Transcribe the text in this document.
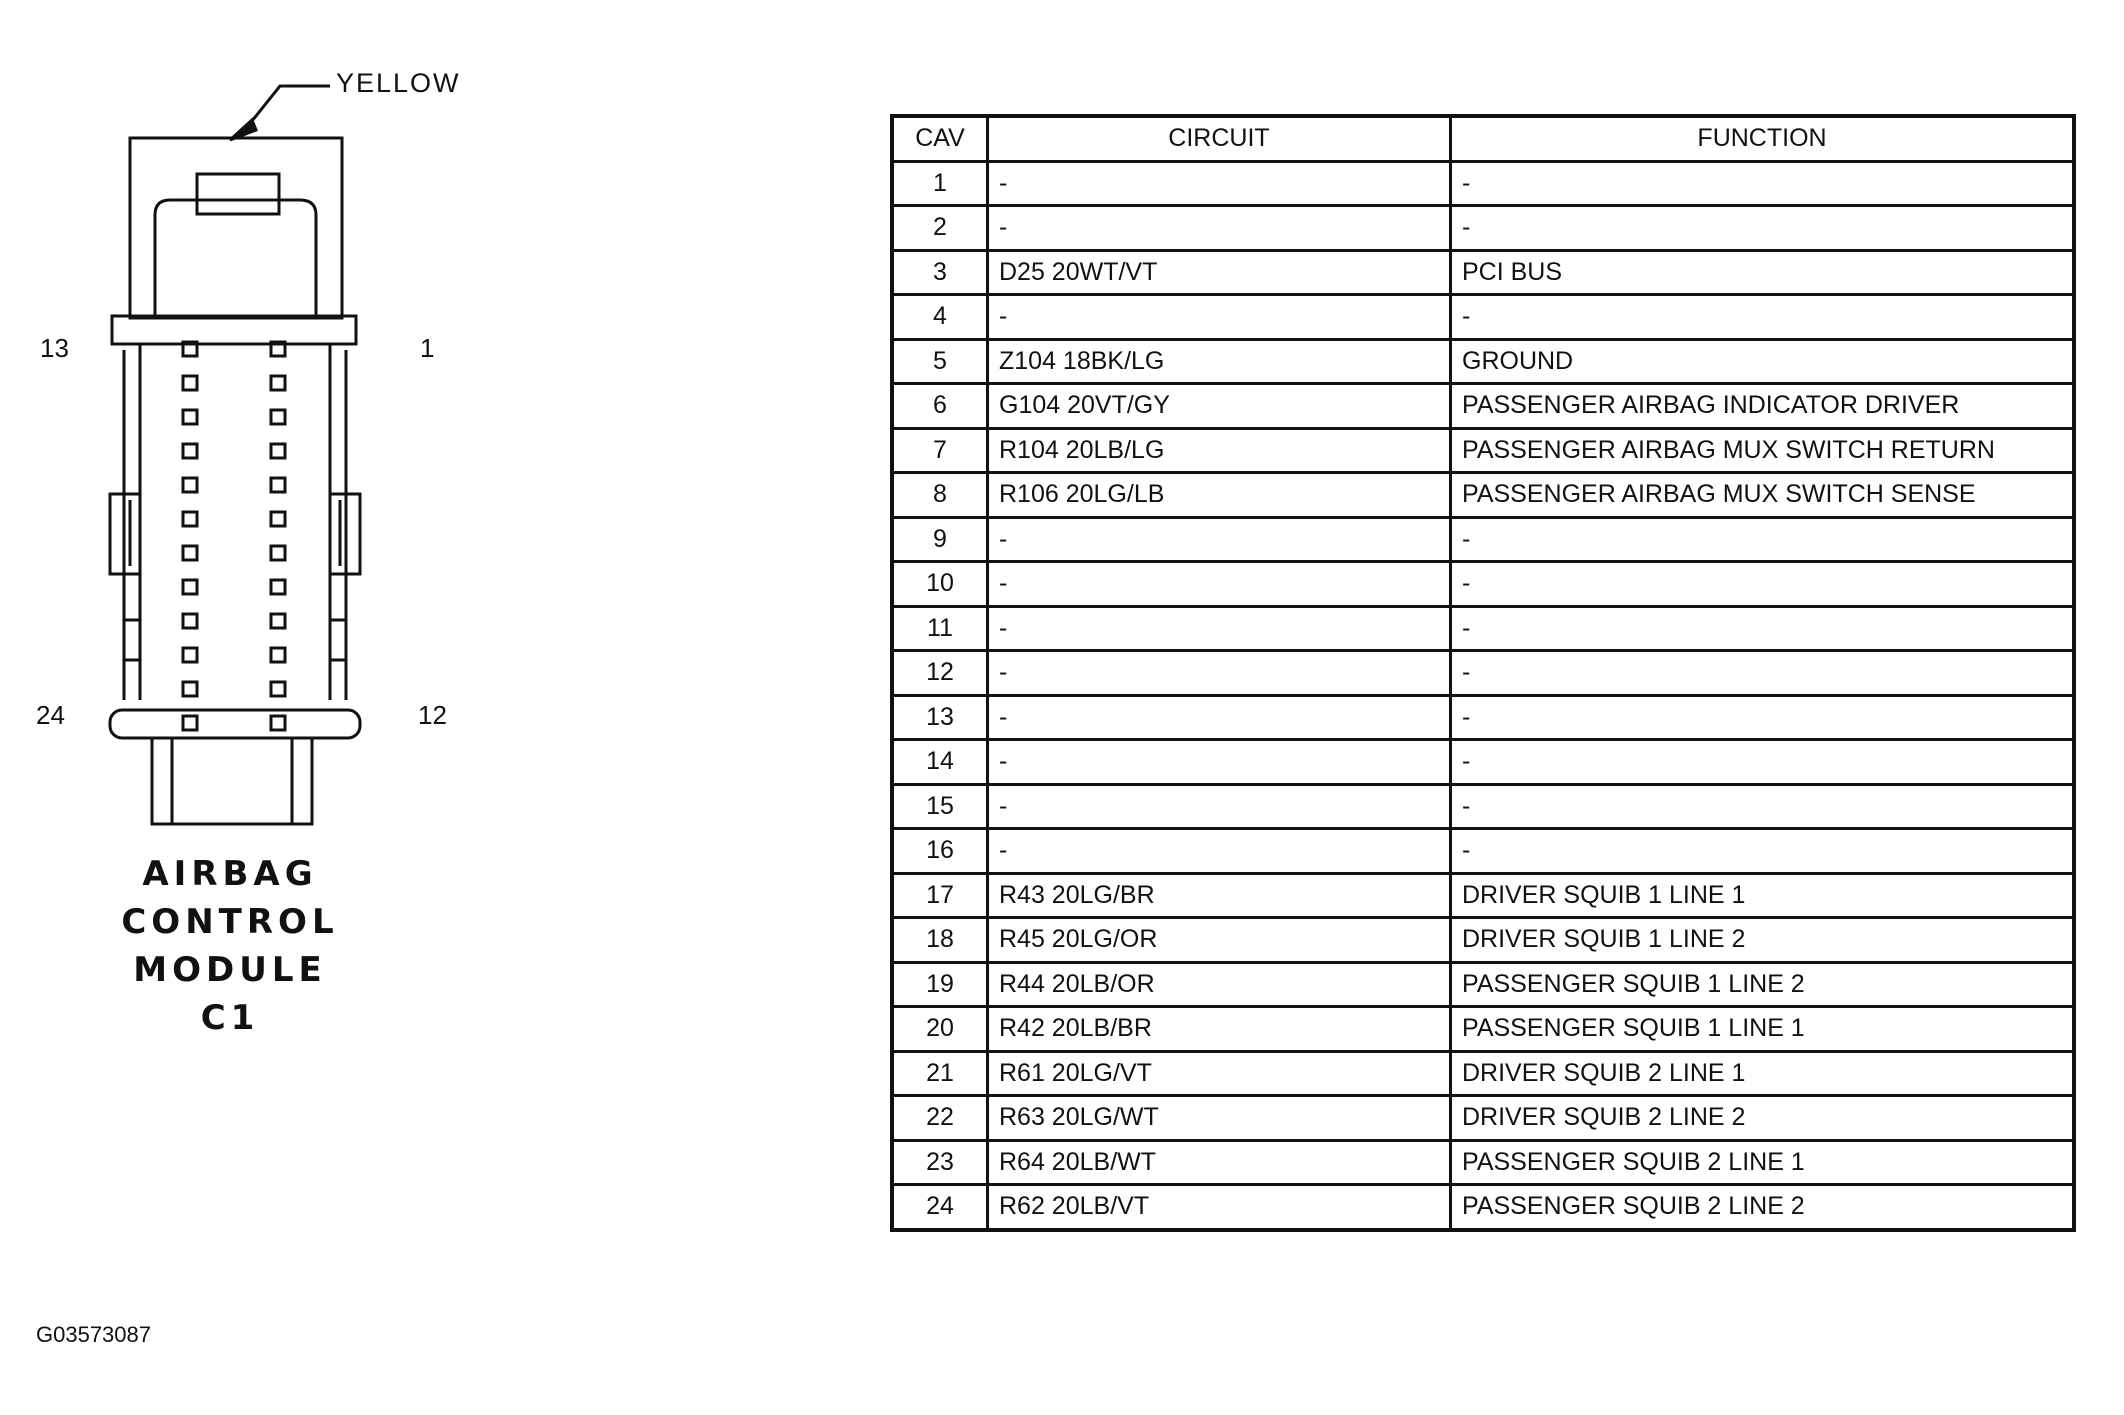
YELLOW
13	1
24	12
AIRBAG
CONTROL
MODULE C1
CAV	CIRCUIT	FUNCTION
1	-	-
2	-	-
3	D25 20WT/VT	PCI BUS
4	-	-
5	Z104 18BK/LG	GROUND
6	G104 20VT/GY	PASSENGER AIRBAG INDICATOR DRIVER
7	R104 20LB/LG	PASSENGER AIRBAG MUX SWITCH RETURN
8	R106 20LG/LB	PASSENGER AIRBAG MUX SWITCH SENSE
9	-	-
10	-	-
11	-	-
12	-	-
13	-	-
14	-	-
15	-	-
16	-	-
17	R43 20LG/BR	DRIVER SQUIB 1 LINE 1
18	R45 20LG/OR	DRIVER SQUIB 1 LINE 2
19	R44 20LB/OR	PASSENGER SQUIB 1 LINE 2
20	R42 20LB/BR	PASSENGER SQUIB 1 LINE 1
21	R61 20LG/VT	DRIVER SQUIB 2 LINE 1
22	R63 20LG/WT	DRIVER SQUIB 2 LINE 2
23	R64 20LB/WT	PASSENGER SQUIB 2 LINE 1
24	R62 20LB/VT	PASSENGER SQUIB 2 LINE 2
G03573087
